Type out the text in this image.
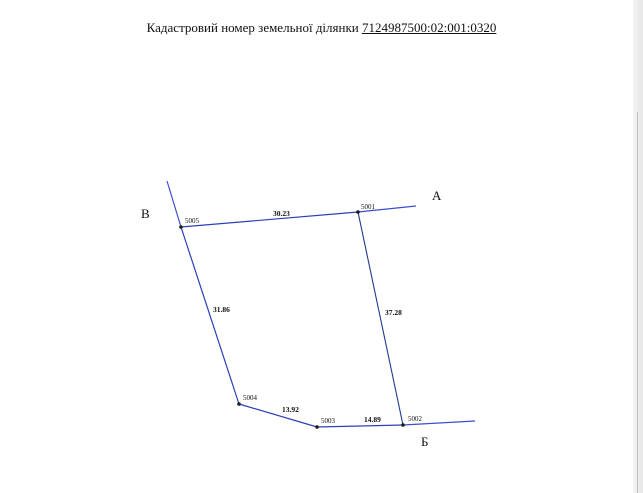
Кадастровий номер земельної ділянки 7124987500:02:001:0320
5001
5002
5003
5004
5005
30.23
37.28
14.89
13.92
31.86
А
Б
В
